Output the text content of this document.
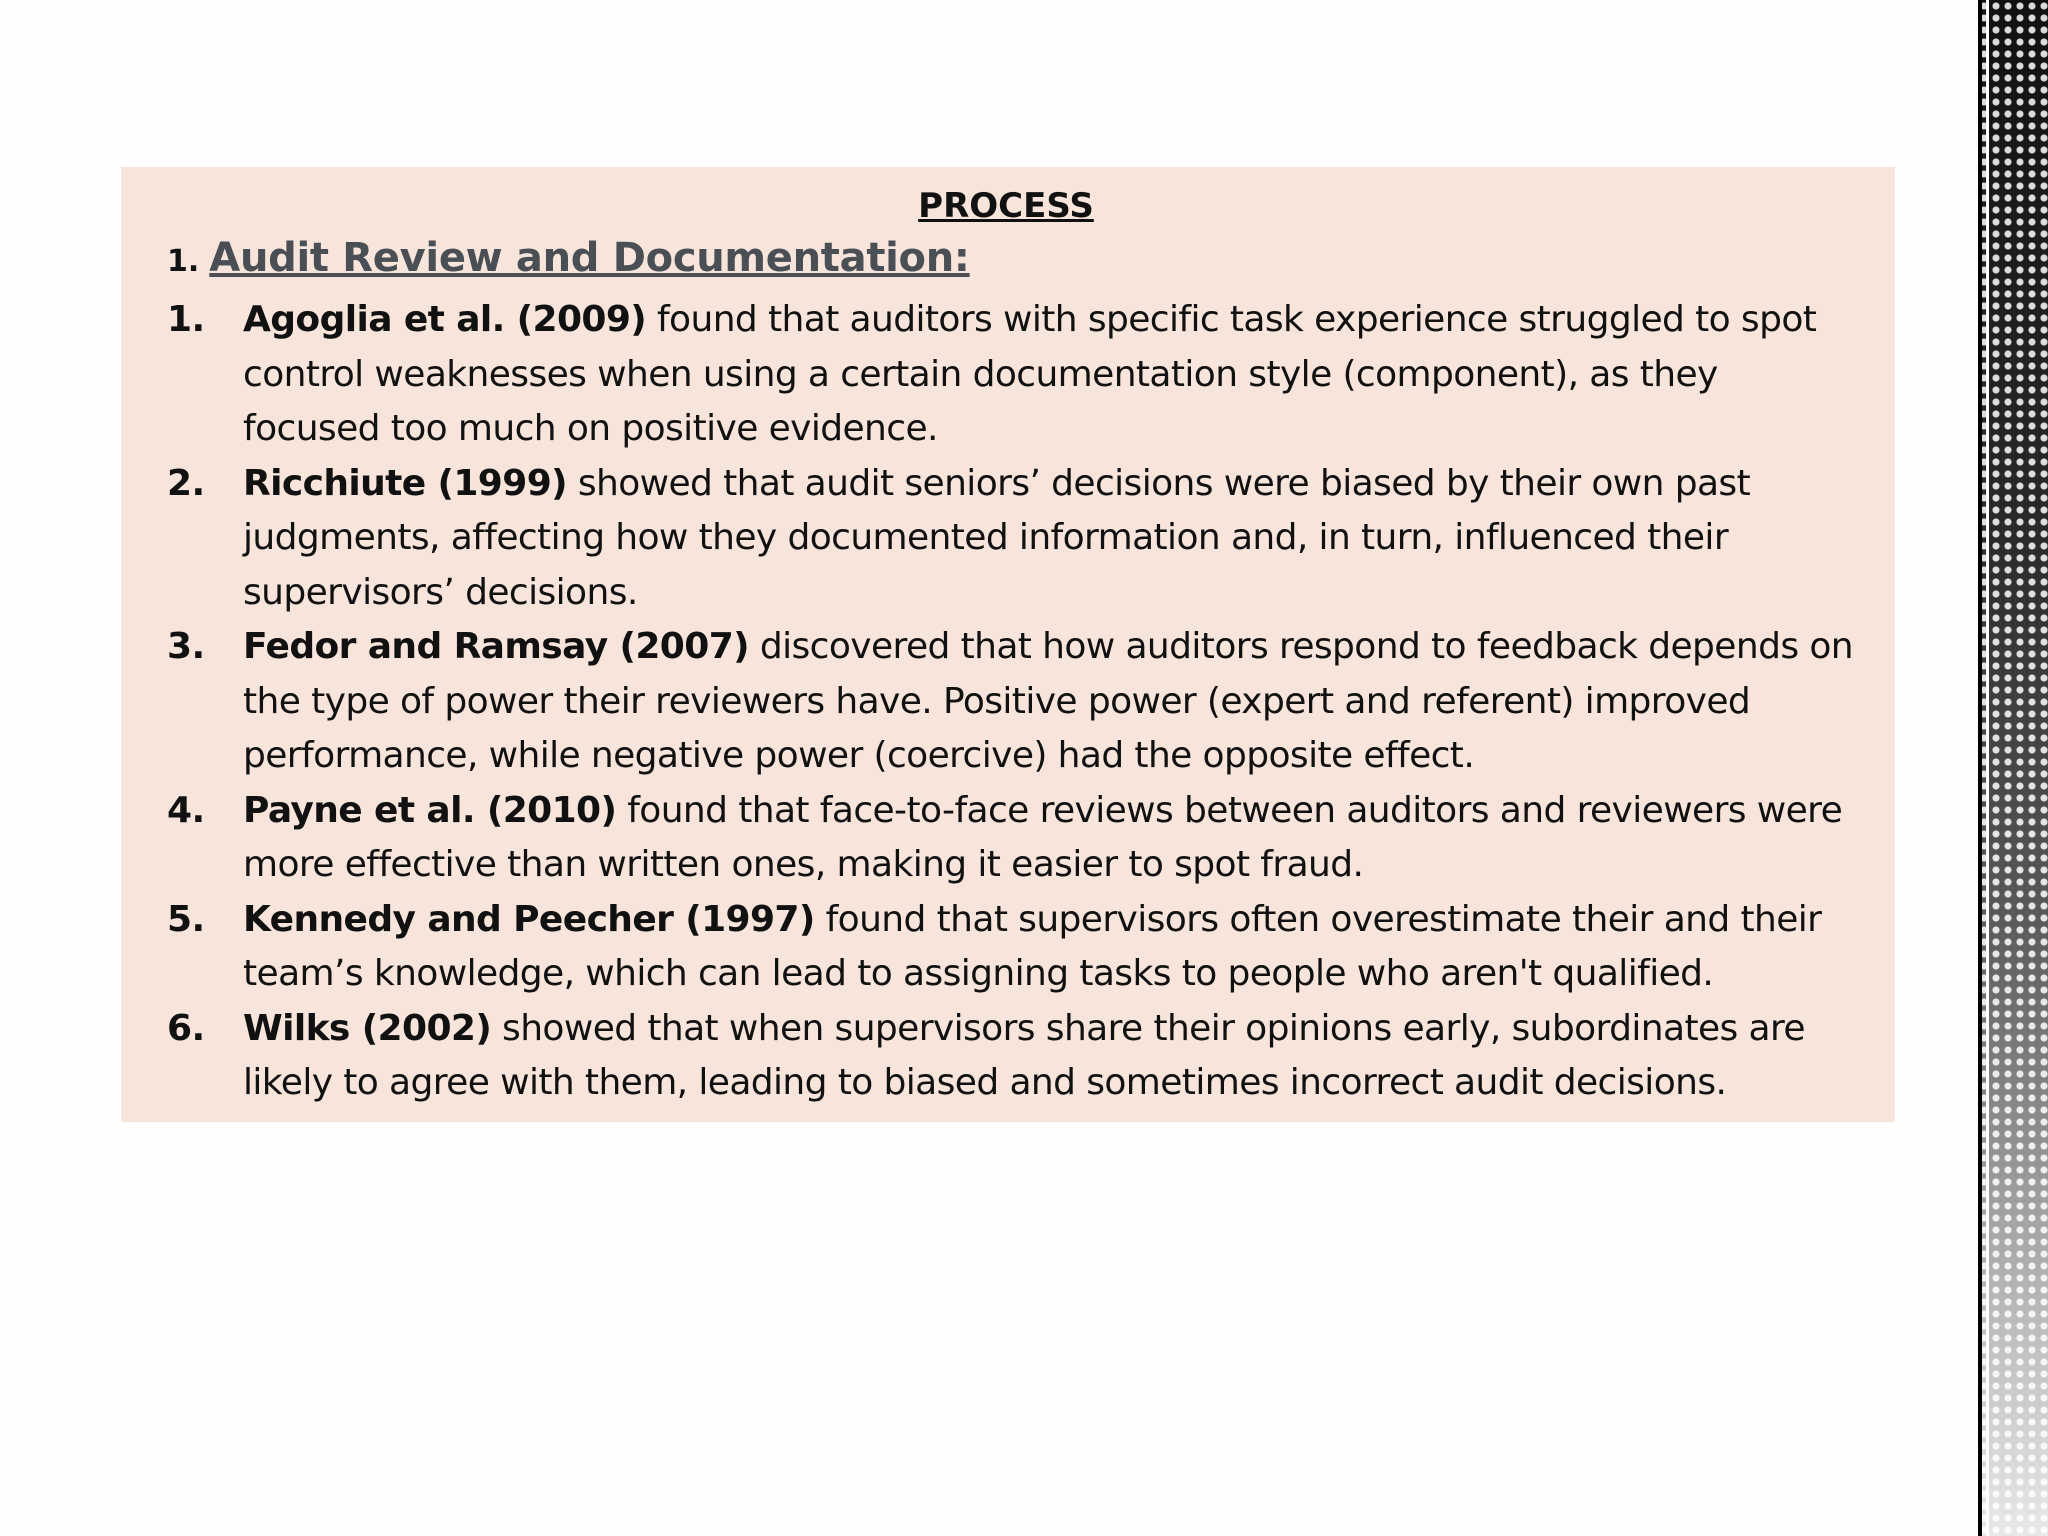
PROCESS
1. Audit Review and Documentation:
1.	Agoglia et al. (2009) found that auditors with specific task experience struggled to spot control weaknesses when using a certain documentation style (component), as they focused too much on positive evidence.
2.	Ricchiute (1999) showed that audit seniors’ decisions were biased by their own past judgments, affecting how they documented information and, in turn, influenced their supervisors’ decisions.
3.	Fedor and Ramsay (2007) discovered that how auditors respond to feedback depends on the type of power their reviewers have. Positive power (expert and referent) improved performance, while negative power (coercive) had the opposite effect.
4.	Payne et al. (2010) found that face-to-face reviews between auditors and reviewers were more effective than written ones, making it easier to spot fraud.
5.	Kennedy and Peecher (1997) found that supervisors often overestimate their and their team’s knowledge, which can lead to assigning tasks to people who aren't qualified.
6.	Wilks (2002) showed that when supervisors share their opinions early, subordinates are likely to agree with them, leading to biased and sometimes incorrect audit decisions.
